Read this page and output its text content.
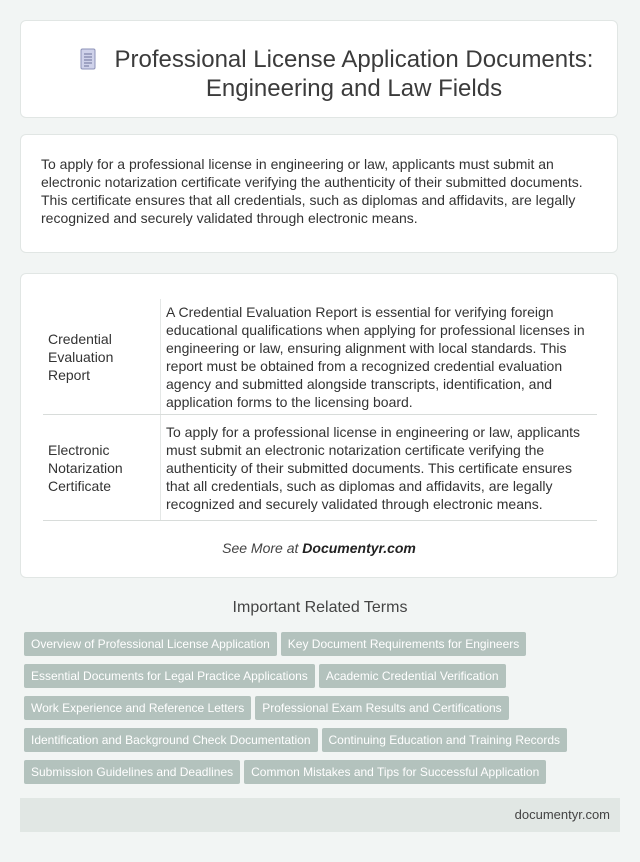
Professional License Application Documents: Engineering and Law Fields

To apply for a professional license in engineering or law, applicants must submit an electronic notarization certificate verifying the authenticity of their submitted documents. This certificate ensures that all credentials, such as diplomas and affidavits, are legally recognized and securely validated through electronic means.

Credential Evaluation Report	A Credential Evaluation Report is essential for verifying foreign educational qualifications when applying for professional licenses in engineering or law, ensuring alignment with local standards. This report must be obtained from a recognized credential evaluation agency and submitted alongside transcripts, identification, and application forms to the licensing board.
Electronic Notarization Certificate	To apply for a professional license in engineering or law, applicants must submit an electronic notarization certificate verifying the authenticity of their submitted documents. This certificate ensures that all credentials, such as diplomas and affidavits, are legally recognized and securely validated through electronic means.
See More at Documentyr.com
Important Related Terms
Overview of Professional License Application Key Document Requirements for Engineers
Essential Documents for Legal Practice Applications Academic Credential Verification
Work Experience and Reference Letters Professional Exam Results and Certifications
Identification and Background Check Documentation Continuing Education and Training Records
Submission Guidelines and Deadlines Common Mistakes and Tips for Successful Application
documentyr.com
